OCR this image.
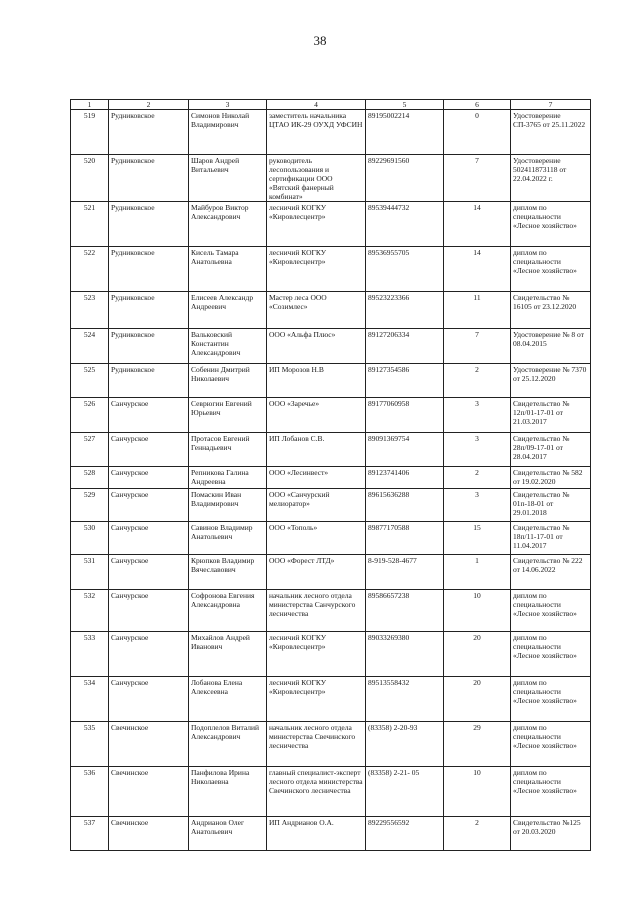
38
1	2	3	4	5	6	7
519	Рудниковское	Симонов Николай Владимирович	заместитель начальника ЦТАО ИК-29 ОУХД УФСИН	89195002214	0	Удостоверение СП-3765 от 25.11.2022
520	Рудниковское	Шаров Андрей Витальевич	руководитель лесопользования и сертификации ООО «Вятский фанерный комбинат»	89229691560	7	Удостоверение 502411873118 от 22.04.2022 г.
521	Рудниковское	Майбуров Виктор Александрович	лесничий КОГКУ «Кировлесцентр»	89539444732	14	диплом по специальности «Лесное хозяйство»
522	Рудниковское	Кисель Тамара Анатольевна	лесничий КОГКУ «Кировлесцентр»	89536955705	14	диплом по специальности «Лесное хозяйство»
523	Рудниковское	Елисеев Александр Андреевич	Мастер леса ООО «Созимлес»	89523223366	11	Свидетельство № 16105 от 23.12.2020
524	Рудниковское	Вальковский Константин Александрович	ООО «Альфа Плюс»	89127206334	7	Удостоверение № 8 от 08.04.2015
525	Рудниковское	Собенин Дмитрий Николаевич	ИП Морозов Н.В	89127354586	2	Удостоверение № 7370 от 25.12.2020
526	Санчурское	Севрюгин Евгений Юрьевич	ООО «Заречье»	89177060958	3	Свидетельство № 12п/01-17-01 от 21.03.2017
527	Санчурское	Протасов Евгений Геннадьевич	ИП Лобанов С.В.	89091369754	3	Свидетельство № 28п/09-17-01 от 28.04.2017
528	Санчурское	Репникова Галина Андреевна	ООО «Лесинвест»	89123741406	2	Свидетельство № 582 от 19.02.2020
529	Санчурское	Помаскин Иван Владимирович	ООО «Санчурский мелиоратор»	89615636288	3	Свидетельство № 01п-18-01 от 29.01.2018
530	Санчурское	Савинов Владимир Анатольевич	ООО «Тополь»	89877170588	15	Свидетельство № 18п/11-17-01 от 11.04.2017
531	Санчурское	Крюпков Владимир Вячеславович	ООО «Форест ЛТД»	8-919-528-4677	1	Свидетельство № 222 от 14.06.2022
532	Санчурское	Софронова Евгения Александровна	начальник лесного отдела министерства Санчурского лесничества	89586657238	10	диплом по специальности «Лесное хозяйство»
533	Санчурское	Михайлов Андрей Иванович	лесничий КОГКУ «Кировлесцентр»	89033269380	20	диплом по специальности «Лесное хозяйство»
534	Санчурское	Лобанова Елена Алексеевна	лесничий КОГКУ «Кировлесцентр»	89513558432	20	диплом по специальности «Лесное хозяйство»
535	Свечинское	Подоплелов Виталий Александрович	начальник лесного отдела министерства Свечинского лесничества	(83358) 2-20-93	29	диплом по специальности «Лесное хозяйство»
536	Свечинское	Панфилова Ирина Николаевна	главный специалист-эксперт лесного отдела министерства Свечинского лесничества	(83358) 2-21- 05	10	диплом по специальности «Лесное хозяйство»
537	Свечинское	Андрианов Олег Анатольевич	ИП Андрианов О.А.	89229556592	2	Свидетельство №125 от 20.03.2020
